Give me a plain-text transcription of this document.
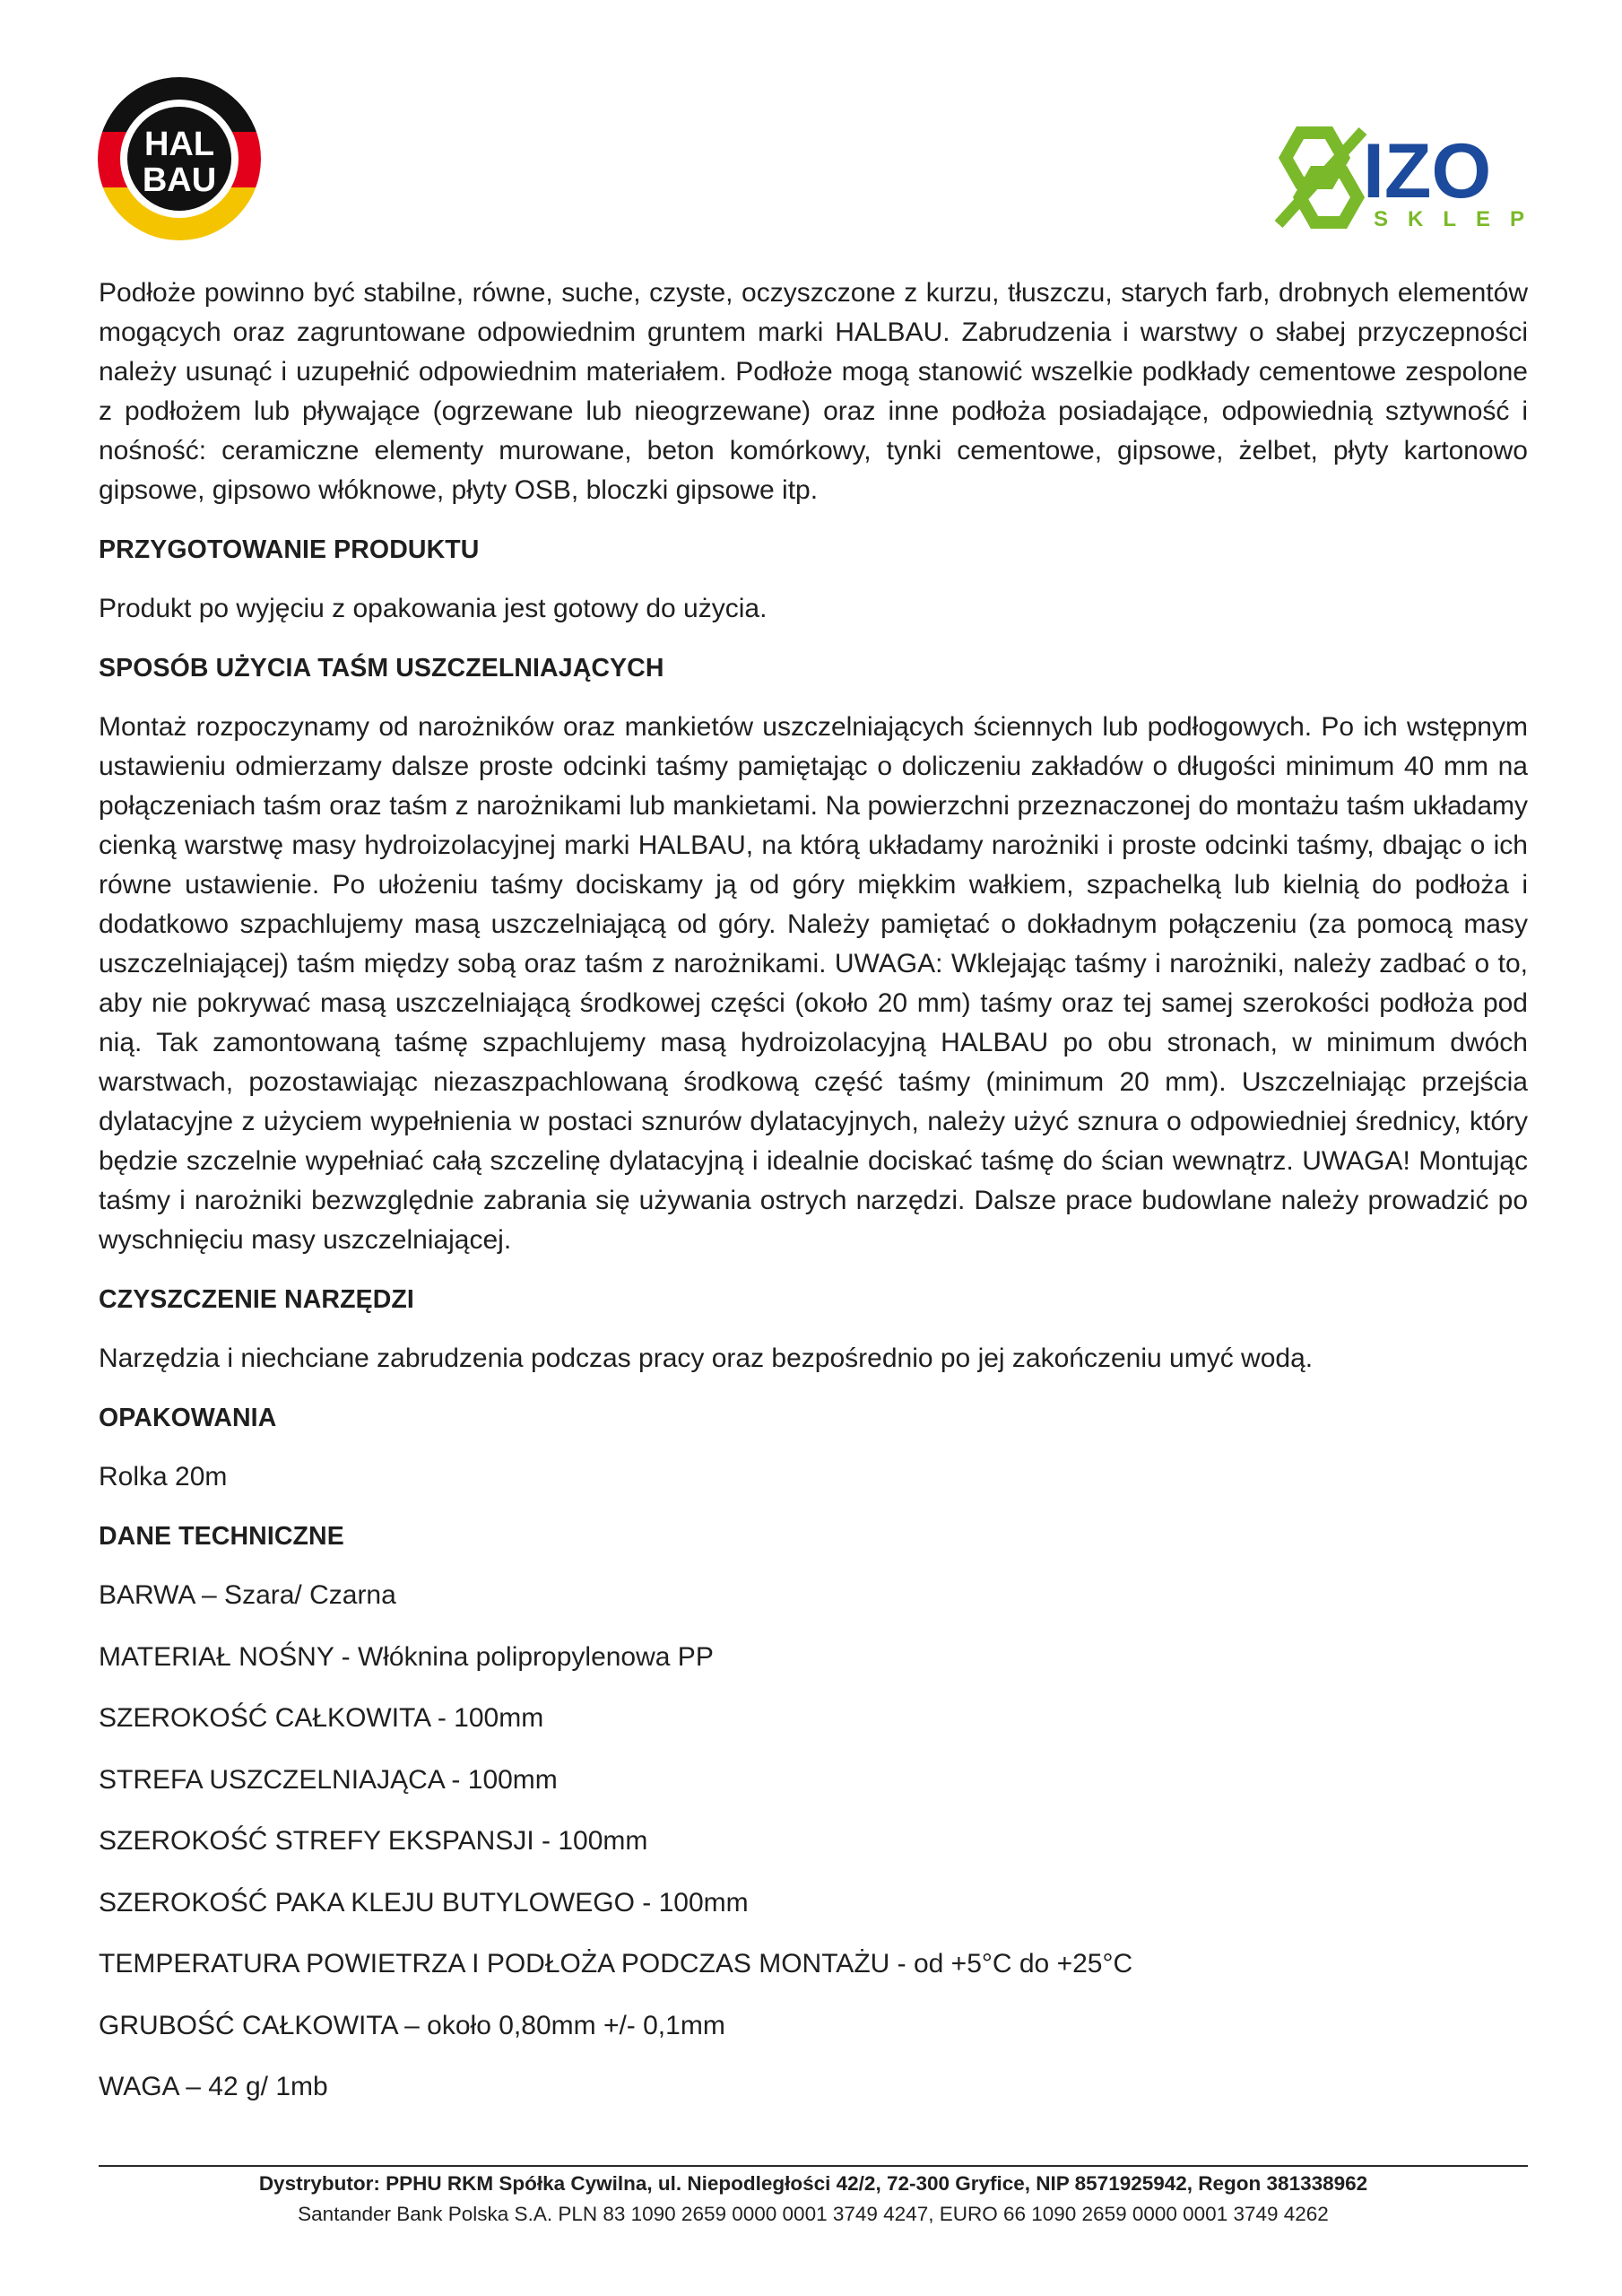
HAL
BAU	IZO
SKLEP

Podłoże powinno być stabilne, równe, suche, czyste, oczyszczone z kurzu, tłuszczu, starych farb, drobnych elementów mogących oraz zagruntowane odpowiednim gruntem marki HALBAU. Zabrudzenia i warstwy o słabej przyczepności należy usunąć i uzupełnić odpowiednim materiałem. Podłoże mogą stanowić wszelkie podkłady cementowe zespolone z podłożem lub pływające (ogrzewane lub nieogrzewane) oraz inne podłoża posiadające, odpowiednią sztywność i nośność: ceramiczne elementy murowane, beton komórkowy, tynki cementowe, gipsowe, żelbet, płyty kartonowo gipsowe, gipsowo włóknowe, płyty OSB, bloczki gipsowe itp.

PRZYGOTOWANIE PRODUKTU

Produkt po wyjęciu z opakowania jest gotowy do użycia.

SPOSÓB UŻYCIA TAŚM USZCZELNIAJĄCYCH

Montaż rozpoczynamy od narożników oraz mankietów uszczelniających ściennych lub podłogowych. Po ich wstępnym ustawieniu odmierzamy dalsze proste odcinki taśmy pamiętając o doliczeniu zakładów o długości minimum 40 mm na połączeniach taśm oraz taśm z narożnikami lub mankietami. Na powierzchni przeznaczonej do montażu taśm układamy cienką warstwę masy hydroizolacyjnej marki HALBAU, na którą układamy narożniki i proste odcinki taśmy, dbając o ich równe ustawienie. Po ułożeniu taśmy dociskamy ją od góry miękkim wałkiem, szpachelką lub kielnią do podłoża i dodatkowo szpachlujemy masą uszczelniającą od góry. Należy pamiętać o dokładnym połączeniu (za pomocą masy uszczelniającej) taśm między sobą oraz taśm z narożnikami. UWAGA: Wklejając taśmy i narożniki, należy zadbać o to, aby nie pokrywać masą uszczelniającą środkowej części (około 20 mm) taśmy oraz tej samej szerokości podłoża pod nią. Tak zamontowaną taśmę szpachlujemy masą hydroizolacyjną HALBAU po obu stronach, w minimum dwóch warstwach, pozostawiając niezaszpachlowaną środkową część taśmy (minimum 20 mm). Uszczelniając przejścia dylatacyjne z użyciem wypełnienia w postaci sznurów dylatacyjnych, należy użyć sznura o odpowiedniej średnicy, który będzie szczelnie wypełniać całą szczelinę dylatacyjną i idealnie dociskać taśmę do ścian wewnątrz. UWAGA! Montując taśmy i narożniki bezwzględnie zabrania się używania ostrych narzędzi. Dalsze prace budowlane należy prowadzić po wyschnięciu masy uszczelniającej.

CZYSZCZENIE NARZĘDZI

Narzędzia i niechciane zabrudzenia podczas pracy oraz bezpośrednio po jej zakończeniu umyć wodą.

OPAKOWANIA

Rolka 20m

DANE TECHNICZNE
BARWA – Szara/ Czarna
MATERIAŁ NOŚNY - Włóknina polipropylenowa PP
SZEROKOŚĆ CAŁKOWITA - 100mm
STREFA USZCZELNIAJĄCA - 100mm
SZEROKOŚĆ STREFY EKSPANSJI - 100mm
SZEROKOŚĆ PAKA KLEJU BUTYLOWEGO - 100mm
TEMPERATURA POWIETRZA I PODŁOŻA PODCZAS MONTAŻU - od +5°C do +25°C
GRUBOŚĆ CAŁKOWITA – około 0,80mm +/- 0,1mm
WAGA – 42 g/ 1mb
Dystrybutor: PPHU RKM Spółka Cywilna, ul. Niepodległości 42/2, 72-300 Gryfice, NIP 8571925942, Regon 381338962
Santander Bank Polska S.A. PLN 83 1090 2659 0000 0001 3749 4247, EURO 66 1090 2659 0000 0001 3749 4262
